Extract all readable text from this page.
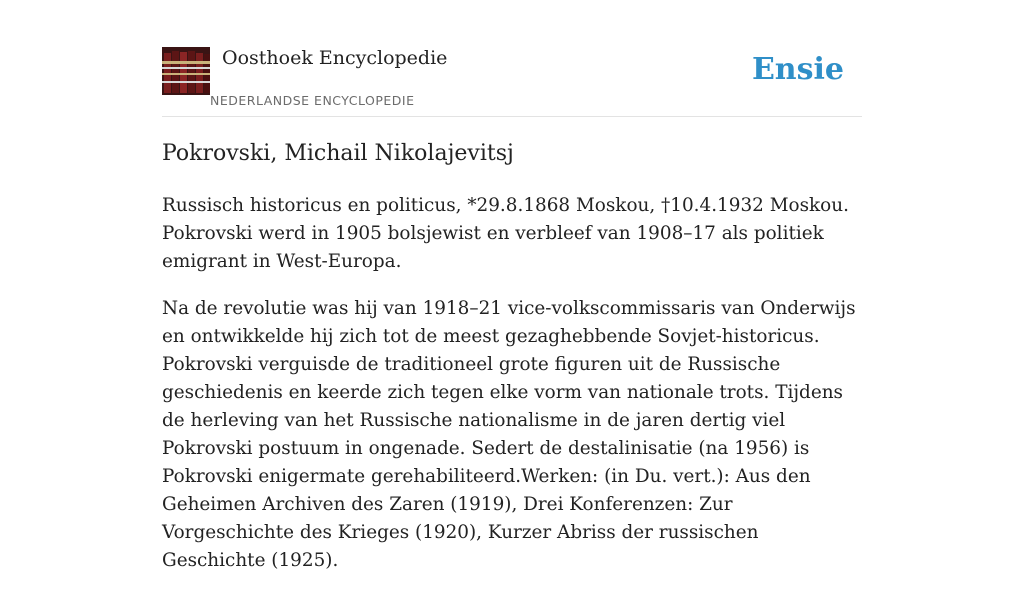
Oosthoek Encyclopedie
NEDERLANDSE ENCYCLOPEDIE
Ensie
Pokrovski, Michail Nikolajevitsj

Russisch historicus en politicus, *29.8.1868 Moskou, †10.4.1932 Moskou. Pokrovski werd in 1905 bolsjewist en verbleef van 1908–17 als politiek emigrant in West-Europa.

Na de revolutie was hij van 1918–21 vice-volkscommissaris van Onderwijs en ontwikkelde hij zich tot de meest gezaghebbende Sovjet-historicus. Pokrovski verguisde de traditioneel grote figuren uit de Russische geschiedenis en keerde zich tegen elke vorm van nationale trots. Tijdens de herleving van het Russische nationalisme in de jaren dertig viel Pokrovski postuum in ongenade. Sedert de destalinisatie (na 1956) is Pokrovski enigermate gerehabiliteerd.Werken: (in Du. vert.): Aus den Geheimen Archiven des Zaren (1919), Drei Konferenzen: Zur Vorgeschichte des Krieges (1920), Kurzer Abriss der russischen Geschichte (1925).
